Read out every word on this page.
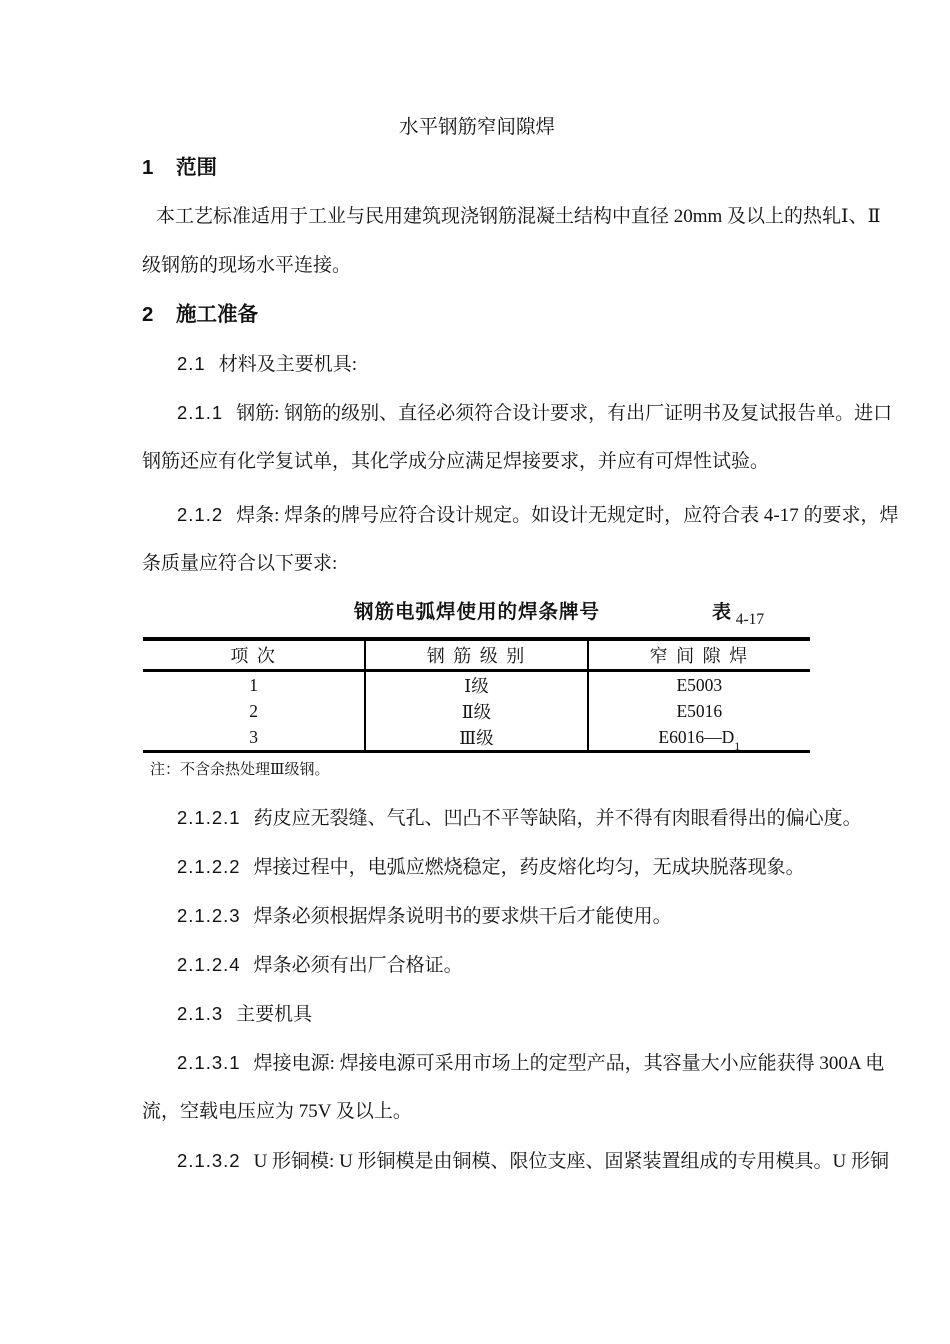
水平钢筋窄间隙焊
1 范围
本工艺标准适用于工业与民用建筑现浇钢筋混凝土结构中直径 20mm 及以上的热轧Ⅰ、Ⅱ
级钢筋的现场水平连接。
2 施工准备
2.1 材料及主要机具:
2.1.1 钢筋: 钢筋的级别、直径必须符合设计要求，有出厂证明书及复试报告单。进口
钢筋还应有化学复试单，其化学成分应满足焊接要求，并应有可焊性试验。
2.1.2 焊条: 焊条的牌号应符合设计规定。如设计无规定时，应符合表 4-17 的要求，焊
条质量应符合以下要求:
钢筋电弧焊使用的焊条牌号	表 $_{4-17}$
项 次	钢 筋 级 别	窄 间 隙 焊
1	Ⅰ级	E5003
2	Ⅱ级	E5016
3	Ⅲ级	$E6016—D_1$
注：不含余热处理Ⅲ级钢。
2.1.2.1 药皮应无裂缝、气孔、凹凸不平等缺陷，并不得有肉眼看得出的偏心度。
2.1.2.2 焊接过程中，电弧应燃烧稳定，药皮熔化均匀，无成块脱落现象。
2.1.2.3 焊条必须根据焊条说明书的要求烘干后才能使用。
2.1.2.4 焊条必须有出厂合格证。
2.1.3 主要机具
2.1.3.1 焊接电源: 焊接电源可采用市场上的定型产品，其容量大小应能获得 300A 电
流，空载电压应为 75V 及以上。
2.1.3.2 U 形铜模: U 形铜模是由铜模、限位支座、固紧装置组成的专用模具。U 形铜
